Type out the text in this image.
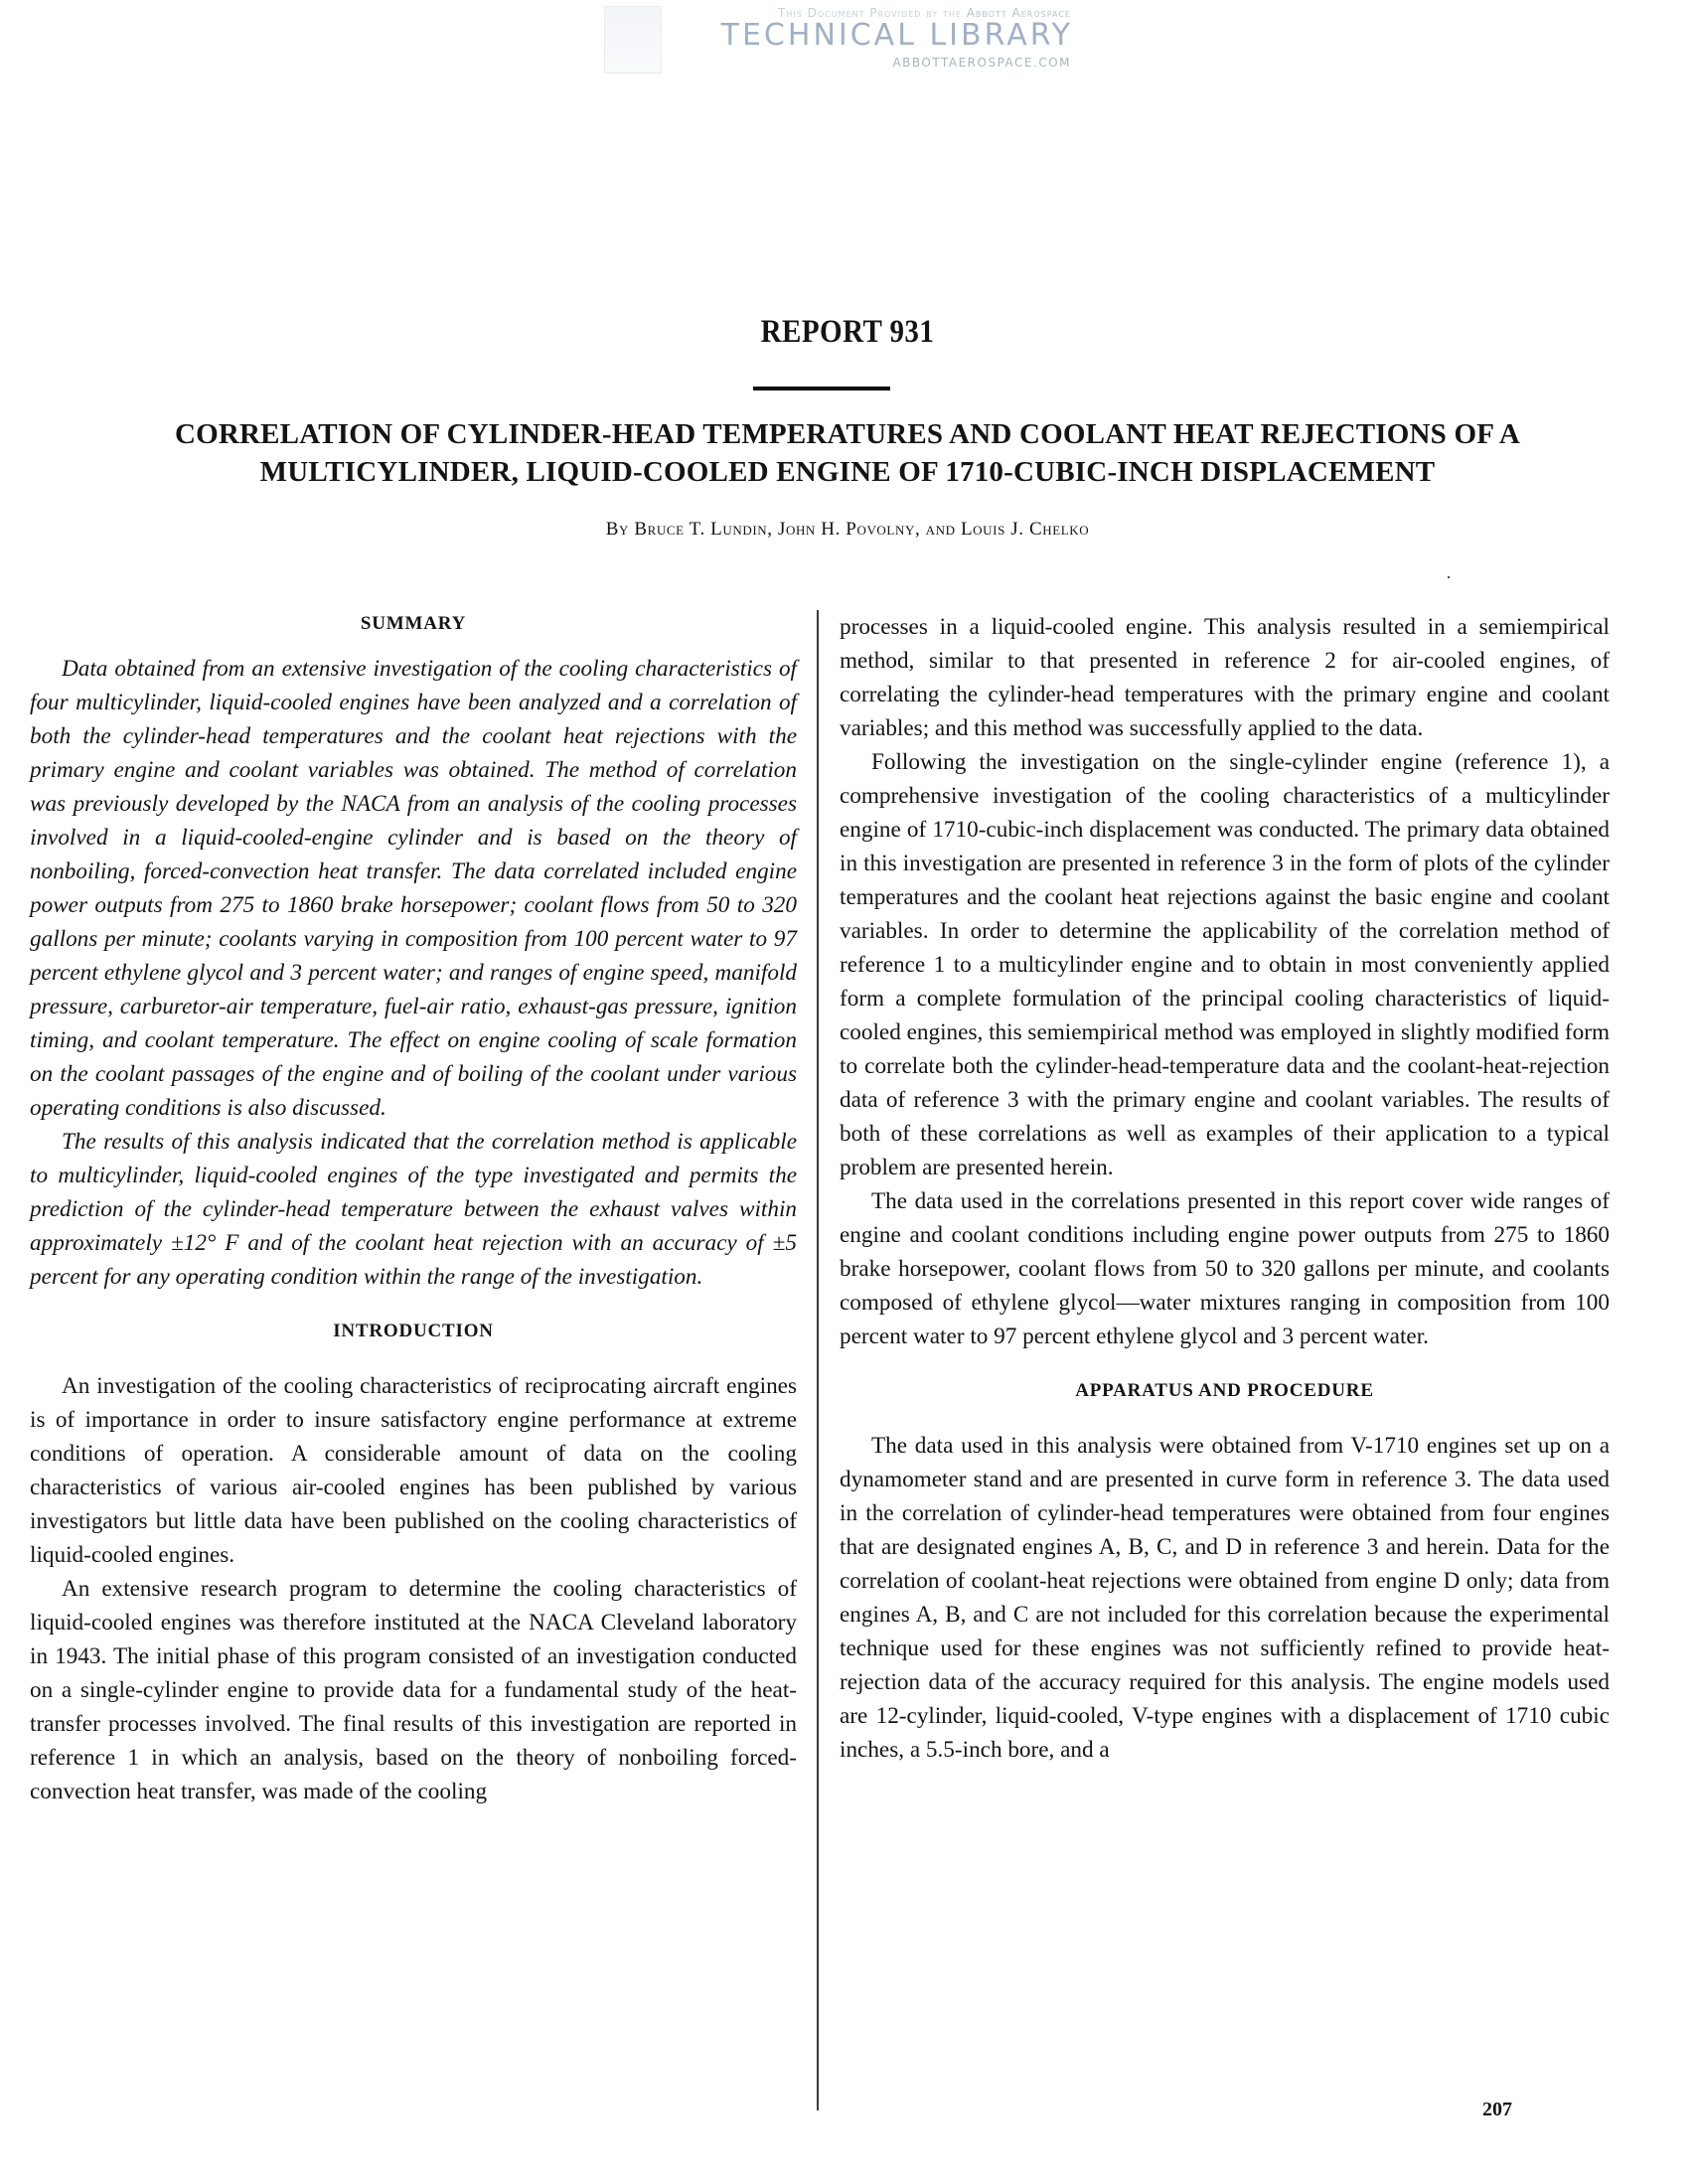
This Document Provided by the Abbott Aerospace
TECHNICAL LIBRARY
ABBOTTAEROSPACE.COM
REPORT 931
CORRELATION OF CYLINDER-HEAD TEMPERATURES AND COOLANT HEAT REJECTIONS OF A
MULTICYLINDER, LIQUID-COOLED ENGINE OF 1710-CUBIC-INCH DISPLACEMENT
By Bruce T. Lundin, John H. Povolny, and Louis J. Chelko
SUMMARY

Data obtained from an extensive investigation of the cooling characteristics of four multicylinder, liquid-cooled engines have been analyzed and a correlation of both the cylinder-head temperatures and the coolant heat rejections with the primary engine and coolant variables was obtained. The method of correlation was previously developed by the NACA from an analysis of the cooling processes involved in a liquid-cooled-engine cylinder and is based on the theory of nonboiling, forced-convection heat transfer. The data correlated included engine power outputs from 275 to 1860 brake horsepower; coolant flows from 50 to 320 gallons per minute; coolants varying in composition from 100 percent water to 97 percent ethylene glycol and 3 percent water; and ranges of engine speed, manifold pressure, carburetor-air temperature, fuel-air ratio, exhaust-gas pressure, ignition timing, and coolant temperature. The effect on engine cooling of scale formation on the coolant passages of the engine and of boiling of the coolant under various operating conditions is also discussed.

The results of this analysis indicated that the correlation method is applicable to multicylinder, liquid-cooled engines of the type investigated and permits the prediction of the cylinder-head temperature between the exhaust valves within approximately ±12° F and of the coolant heat rejection with an accuracy of ±5 percent for any operating condition within the range of the investigation.

INTRODUCTION

An investigation of the cooling characteristics of reciprocating aircraft engines is of importance in order to insure satisfactory engine performance at extreme conditions of operation. A considerable amount of data on the cooling characteristics of various air-cooled engines has been published by various investigators but little data have been published on the cooling characteristics of liquid-cooled engines.

An extensive research program to determine the cooling characteristics of liquid-cooled engines was therefore instituted at the NACA Cleveland laboratory in 1943. The initial phase of this program consisted of an investigation conducted on a single-cylinder engine to provide data for a fundamental study of the heat-transfer processes involved. The final results of this investigation are reported in reference 1 in which an analysis, based on the theory of nonboiling forced-convection heat transfer, was made of the cooling

processes in a liquid-cooled engine. This analysis resulted in a semiempirical method, similar to that presented in reference 2 for air-cooled engines, of correlating the cylinder-head temperatures with the primary engine and coolant variables; and this method was successfully applied to the data.

Following the investigation on the single-cylinder engine (reference 1), a comprehensive investigation of the cooling characteristics of a multicylinder engine of 1710-cubic-inch displacement was conducted. The primary data obtained in this investigation are presented in reference 3 in the form of plots of the cylinder temperatures and the coolant heat rejections against the basic engine and coolant variables. In order to determine the applicability of the correlation method of reference 1 to a multicylinder engine and to obtain in most conveniently applied form a complete formulation of the principal cooling characteristics of liquid-cooled engines, this semiempirical method was employed in slightly modified form to correlate both the cylinder-head-temperature data and the coolant-heat-rejection data of reference 3 with the primary engine and coolant variables. The results of both of these correlations as well as examples of their application to a typical problem are presented herein.

The data used in the correlations presented in this report cover wide ranges of engine and coolant conditions including engine power outputs from 275 to 1860 brake horsepower, coolant flows from 50 to 320 gallons per minute, and coolants composed of ethylene glycol—water mixtures ranging in composition from 100 percent water to 97 percent ethylene glycol and 3 percent water.

APPARATUS AND PROCEDURE

The data used in this analysis were obtained from V-1710 engines set up on a dynamometer stand and are presented in curve form in reference 3. The data used in the correlation of cylinder-head temperatures were obtained from four engines that are designated engines A, B, C, and D in reference 3 and herein. Data for the correlation of coolant-heat rejections were obtained from engine D only; data from engines A, B, and C are not included for this correlation because the experimental technique used for these engines was not sufficiently refined to provide heat-rejection data of the accuracy required for this analysis. The engine models used are 12-cylinder, liquid-cooled, V-type engines with a displacement of 1710 cubic inches, a 5.5-inch bore, and a

207
